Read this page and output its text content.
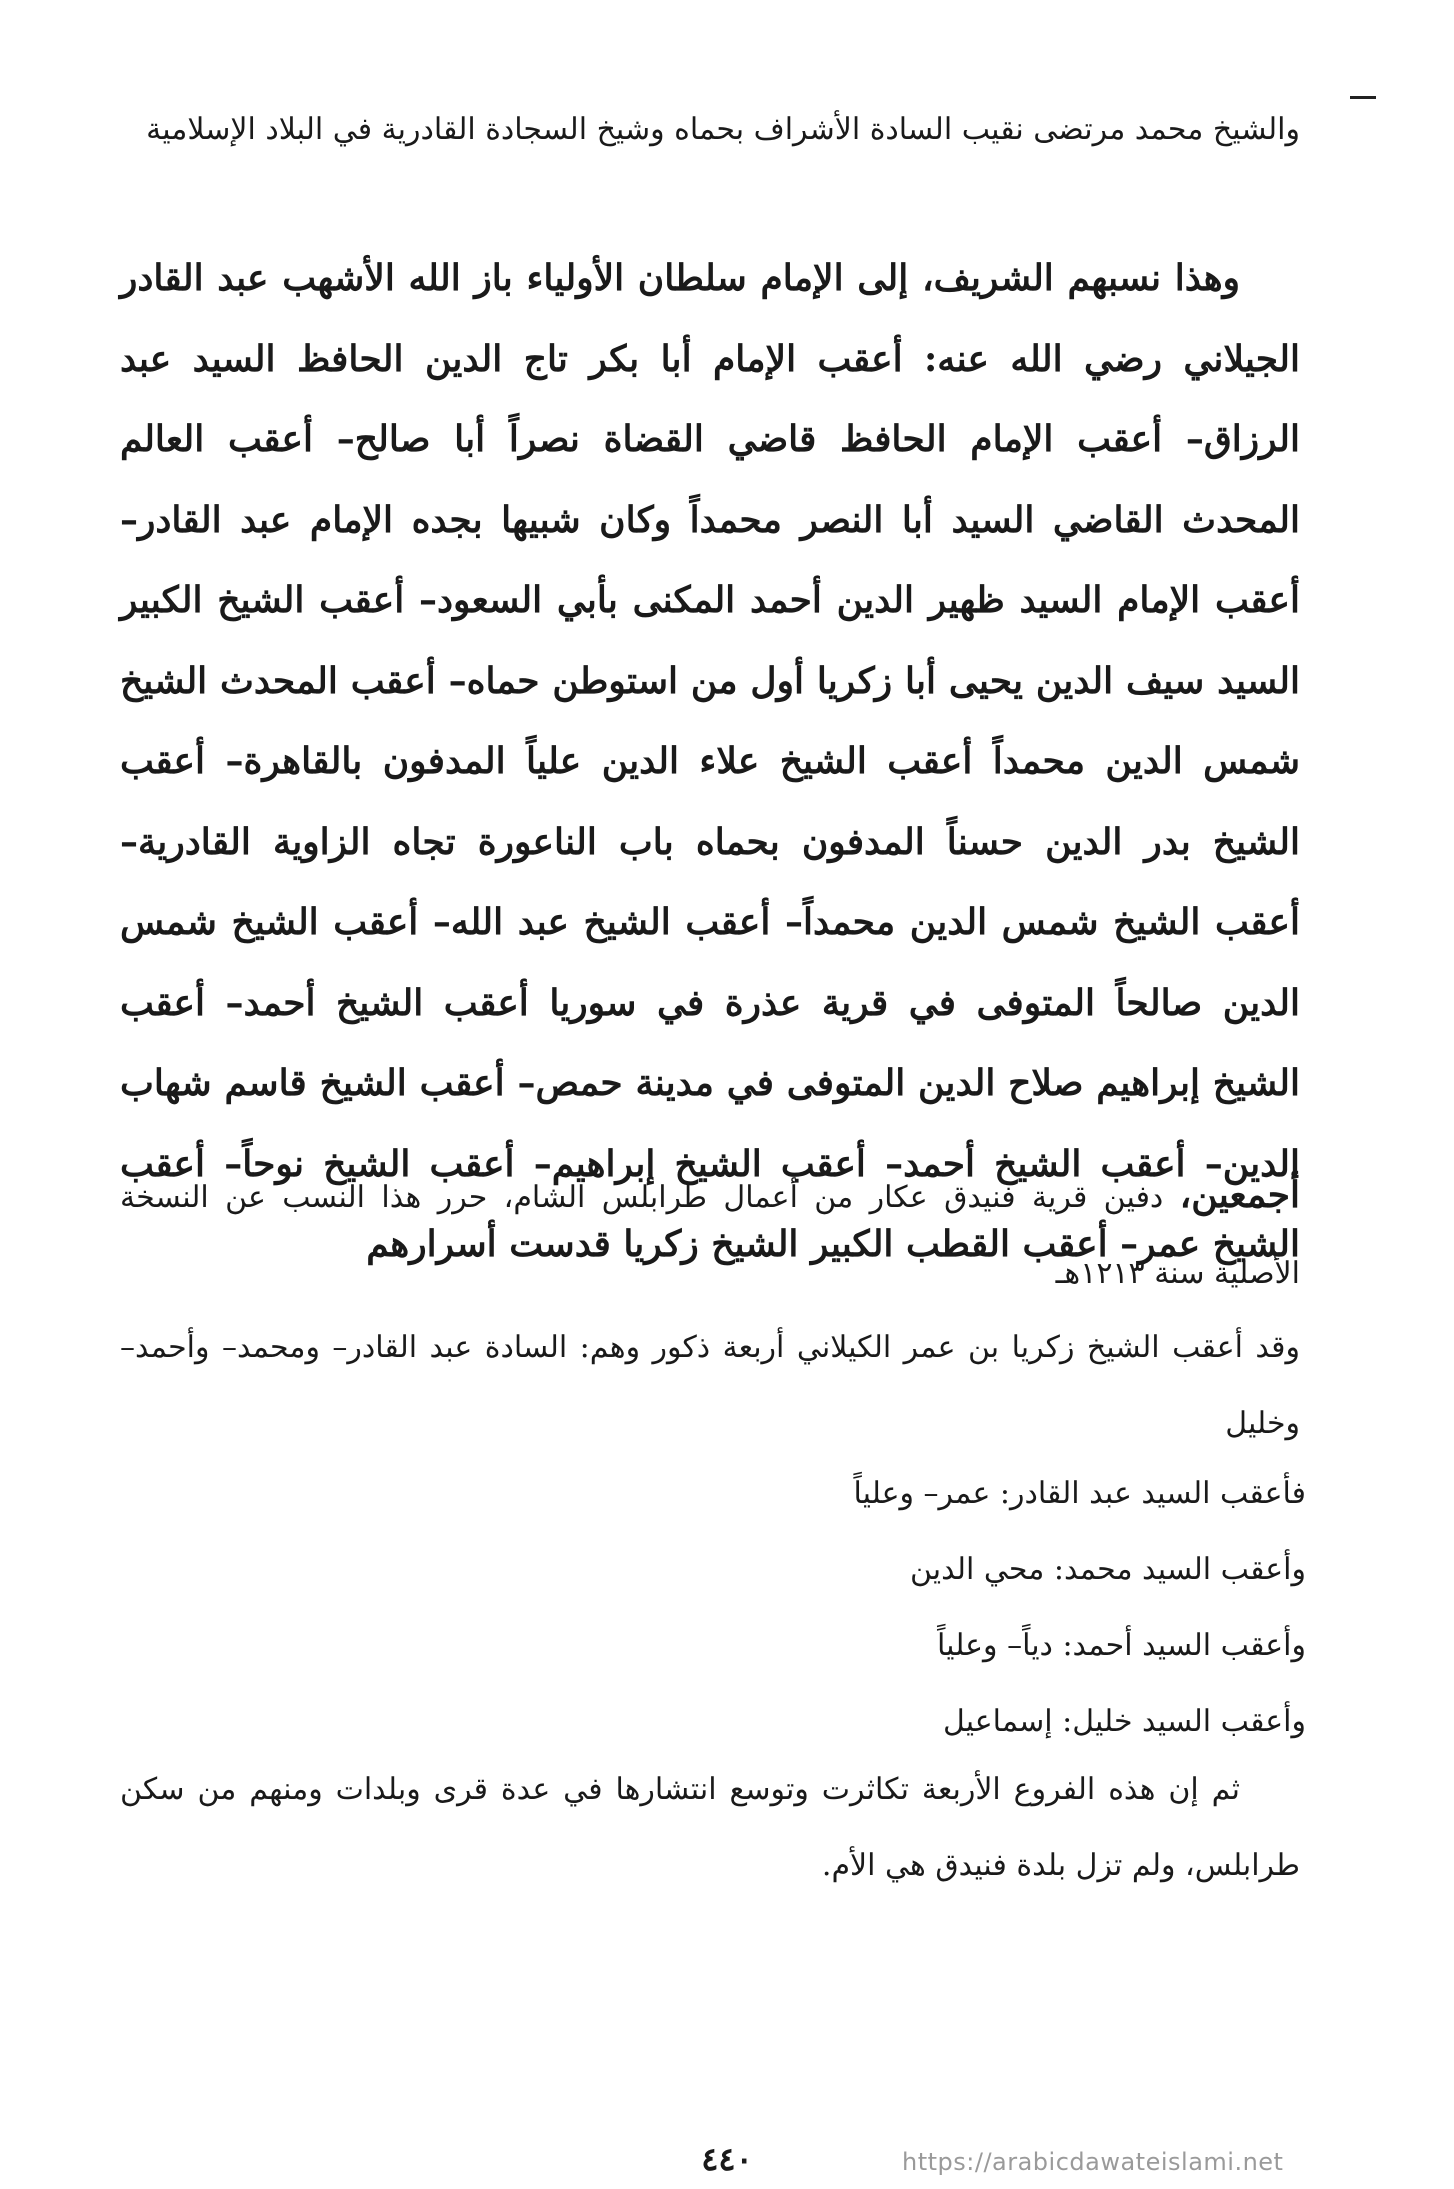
والشيخ محمد مرتضى نقيب السادة الأشراف بحماه وشيخ السجادة القادرية في البلاد الإسلامية

وهذا نسبهم الشريف، إلى الإمام سلطان الأولياء باز الله الأشهب عبد القادر الجيلاني رضي الله عنه: أعقب الإمام أبا بكر تاج الدين الحافظ السيد عبد الرزاق– أعقب الإمام الحافظ قاضي القضاة نصراً أبا صالح– أعقب العالم المحدث القاضي السيد أبا النصر محمداً وكان شبيها بجده الإمام عبد القادر– أعقب الإمام السيد ظهير الدين أحمد المكنى بأبي السعود– أعقب الشيخ الكبير السيد سيف الدين يحيى أبا زكريا أول من استوطن حماه– أعقب المحدث الشيخ شمس الدين محمداً أعقب الشيخ علاء الدين علياً المدفون بالقاهرة– أعقب الشيخ بدر الدين حسناً المدفون بحماه باب الناعورة تجاه الزاوية القادرية– أعقب الشيخ شمس الدين محمداً– أعقب الشيخ عبد الله– أعقب الشيخ شمس الدين صالحاً المتوفى في قرية عذرة في سوريا أعقب الشيخ أحمد– أعقب الشيخ إبراهيم صلاح الدين المتوفى في مدينة حمص– أعقب الشيخ قاسم شهاب الدين– أعقب الشيخ أحمد– أعقب الشيخ إبراهيم– أعقب الشيخ نوحاً– أعقب الشيخ عمر– أعقب القطب الكبير الشيخ زكريا قدست أسرارهم

أجمعين، دفين قرية فنيدق عكار من أعمال طرابلس الشام، حرر هذا النسب عن النسخة الأصلية سنة ١٢١٣هـ

وقد أعقب الشيخ زكريا بن عمر الكيلاني أربعة ذكور وهم: السادة عبد القادر– ومحمد– وأحمد– وخليل

فأعقب السيد عبد القادر: عمر– وعلياً
وأعقب السيد محمد: محي الدين
وأعقب السيد أحمد: دياً– وعلياً
وأعقب السيد خليل: إسماعيل

ثم إن هذه الفروع الأربعة تكاثرت وتوسع انتشارها في عدة قرى وبلدات ومنهم من سكن طرابلس، ولم تزل بلدة فنيدق هي الأم.

٤٤٠	https://arabicdawateislami.net
